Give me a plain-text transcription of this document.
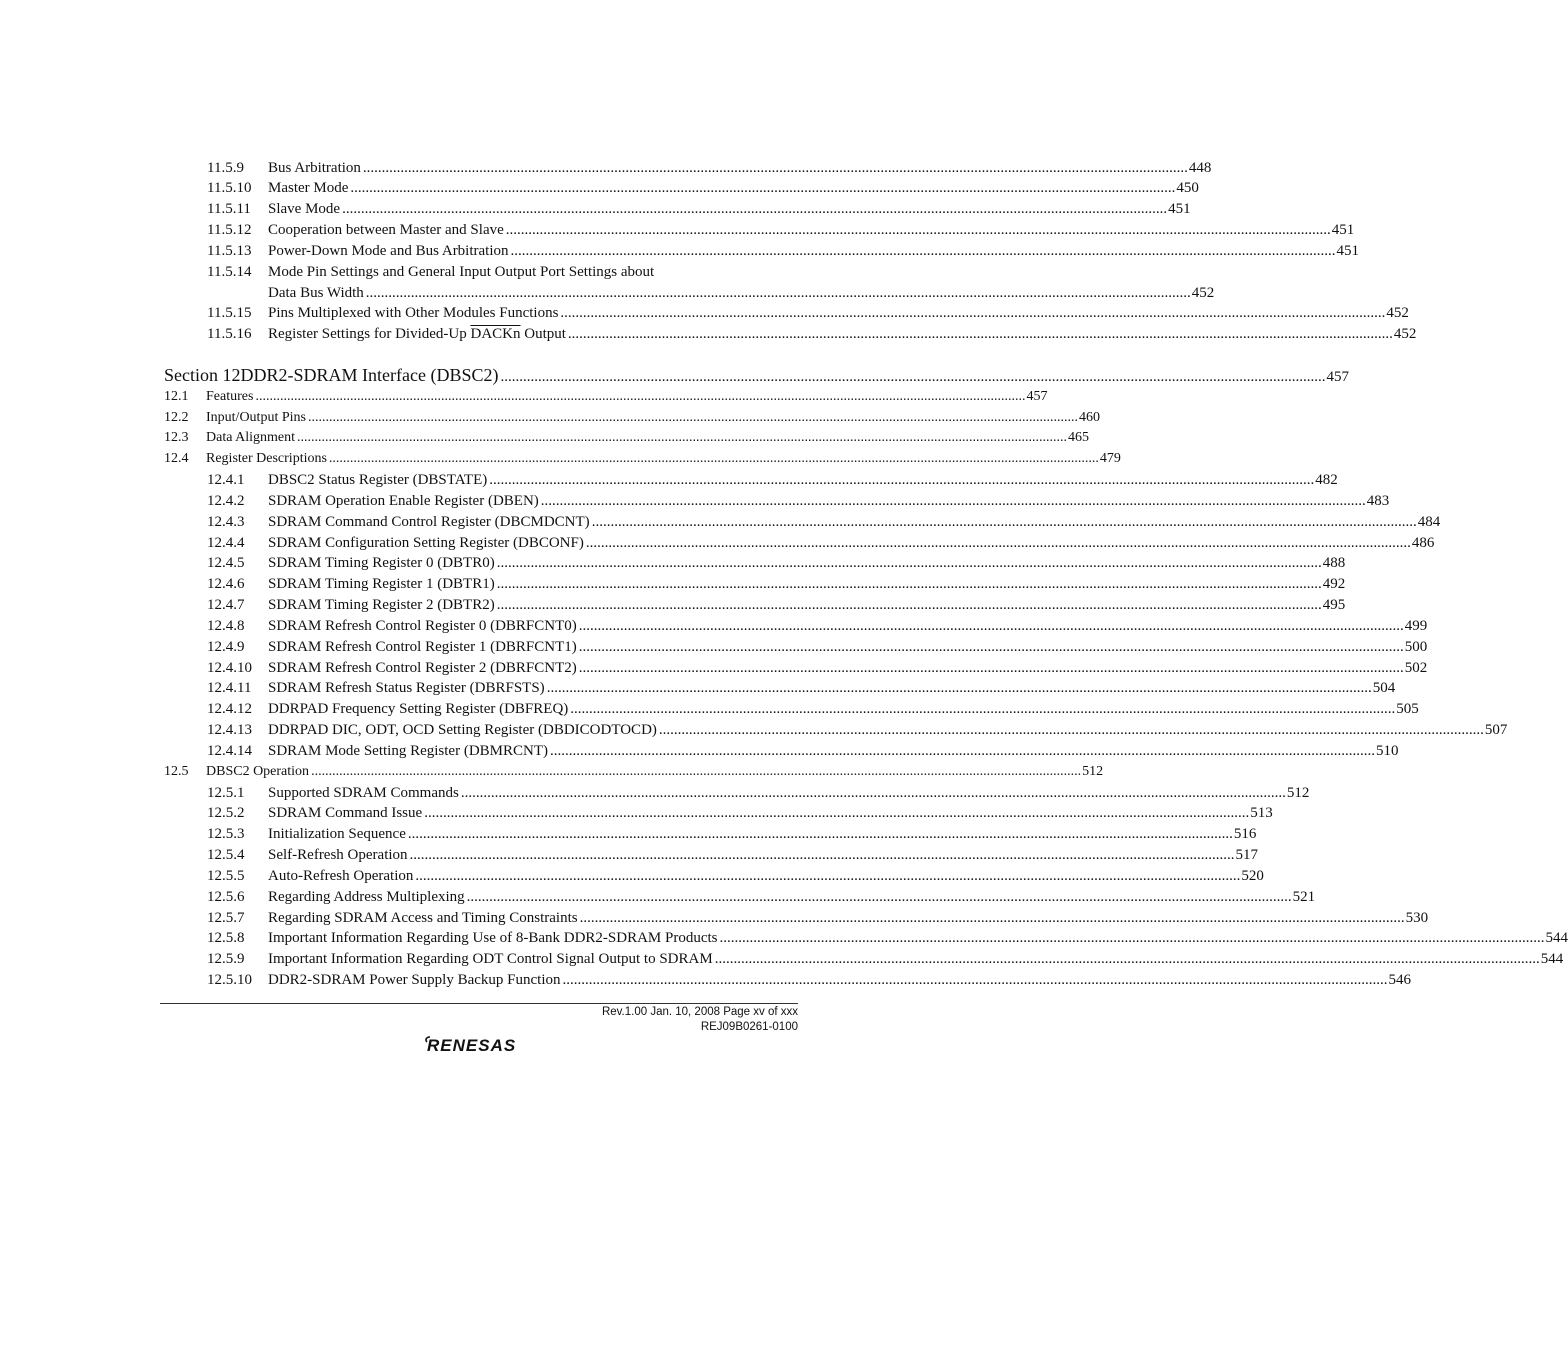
11.5.9	Bus Arbitration ............................................................................................................................................................................................................................ 448
11.5.10	Master Mode ............................................................................................................................................................................................................................ 450
11.5.11	Slave Mode ............................................................................................................................................................................................................................ 451
11.5.12	Cooperation between Master and Slave ............................................................................................................................................................................................................................ 451
11.5.13	Power-Down Mode and Bus Arbitration ............................................................................................................................................................................................................................ 451
11.5.14	Mode Pin Settings and General Input Output Port Settings about
Data Bus Width ............................................................................................................................................................................................................................ 452
11.5.15	Pins Multiplexed with Other Modules Functions ............................................................................................................................................................................................................................ 452
11.5.16	Register Settings for Divided-Up DACKn Output ............................................................................................................................................................................................................................ 452
Section 12 DDR2-SDRAM Interface (DBSC2) ............................................................................................................................................................................................................................ 457
12.1	Features ............................................................................................................................................................................................................................ 457
12.2	Input/Output Pins ............................................................................................................................................................................................................................ 460
12.3	Data Alignment ............................................................................................................................................................................................................................ 465
12.4	Register Descriptions ............................................................................................................................................................................................................................ 479
12.4.1	DBSC2 Status Register (DBSTATE) ............................................................................................................................................................................................................................ 482
12.4.2	SDRAM Operation Enable Register (DBEN) ............................................................................................................................................................................................................................ 483
12.4.3	SDRAM Command Control Register (DBCMDCNT) ............................................................................................................................................................................................................................ 484
12.4.4	SDRAM Configuration Setting Register (DBCONF) ............................................................................................................................................................................................................................ 486
12.4.5	SDRAM Timing Register 0 (DBTR0) ............................................................................................................................................................................................................................ 488
12.4.6	SDRAM Timing Register 1 (DBTR1) ............................................................................................................................................................................................................................ 492
12.4.7	SDRAM Timing Register 2 (DBTR2) ............................................................................................................................................................................................................................ 495
12.4.8	SDRAM Refresh Control Register 0 (DBRFCNT0) ............................................................................................................................................................................................................................ 499
12.4.9	SDRAM Refresh Control Register 1 (DBRFCNT1) ............................................................................................................................................................................................................................ 500
12.4.10	SDRAM Refresh Control Register 2 (DBRFCNT2) ............................................................................................................................................................................................................................ 502
12.4.11	SDRAM Refresh Status Register (DBRFSTS) ............................................................................................................................................................................................................................ 504
12.4.12	DDRPAD Frequency Setting Register (DBFREQ) ............................................................................................................................................................................................................................ 505
12.4.13	DDRPAD DIC, ODT, OCD Setting Register (DBDICODTOCD) ............................................................................................................................................................................................................................ 507
12.4.14	SDRAM Mode Setting Register (DBMRCNT) ............................................................................................................................................................................................................................ 510
12.5	DBSC2 Operation ............................................................................................................................................................................................................................ 512
12.5.1	Supported SDRAM Commands ............................................................................................................................................................................................................................ 512
12.5.2	SDRAM Command Issue ............................................................................................................................................................................................................................ 513
12.5.3	Initialization Sequence ............................................................................................................................................................................................................................ 516
12.5.4	Self-Refresh Operation ............................................................................................................................................................................................................................ 517
12.5.5	Auto-Refresh Operation ............................................................................................................................................................................................................................ 520
12.5.6	Regarding Address Multiplexing ............................................................................................................................................................................................................................ 521
12.5.7	Regarding SDRAM Access and Timing Constraints ............................................................................................................................................................................................................................ 530
12.5.8	Important Information Regarding Use of 8-Bank DDR2-SDRAM Products ............................................................................................................................................................................................................................ 544
12.5.9	Important Information Regarding ODT Control Signal Output to SDRAM ............................................................................................................................................................................................................................ 544
12.5.10	DDR2-SDRAM Power Supply Backup Function ............................................................................................................................................................................................................................ 546
Rev.1.00 Jan. 10, 2008 Page xv of xxx
REJ09B0261-0100
RENESAS
